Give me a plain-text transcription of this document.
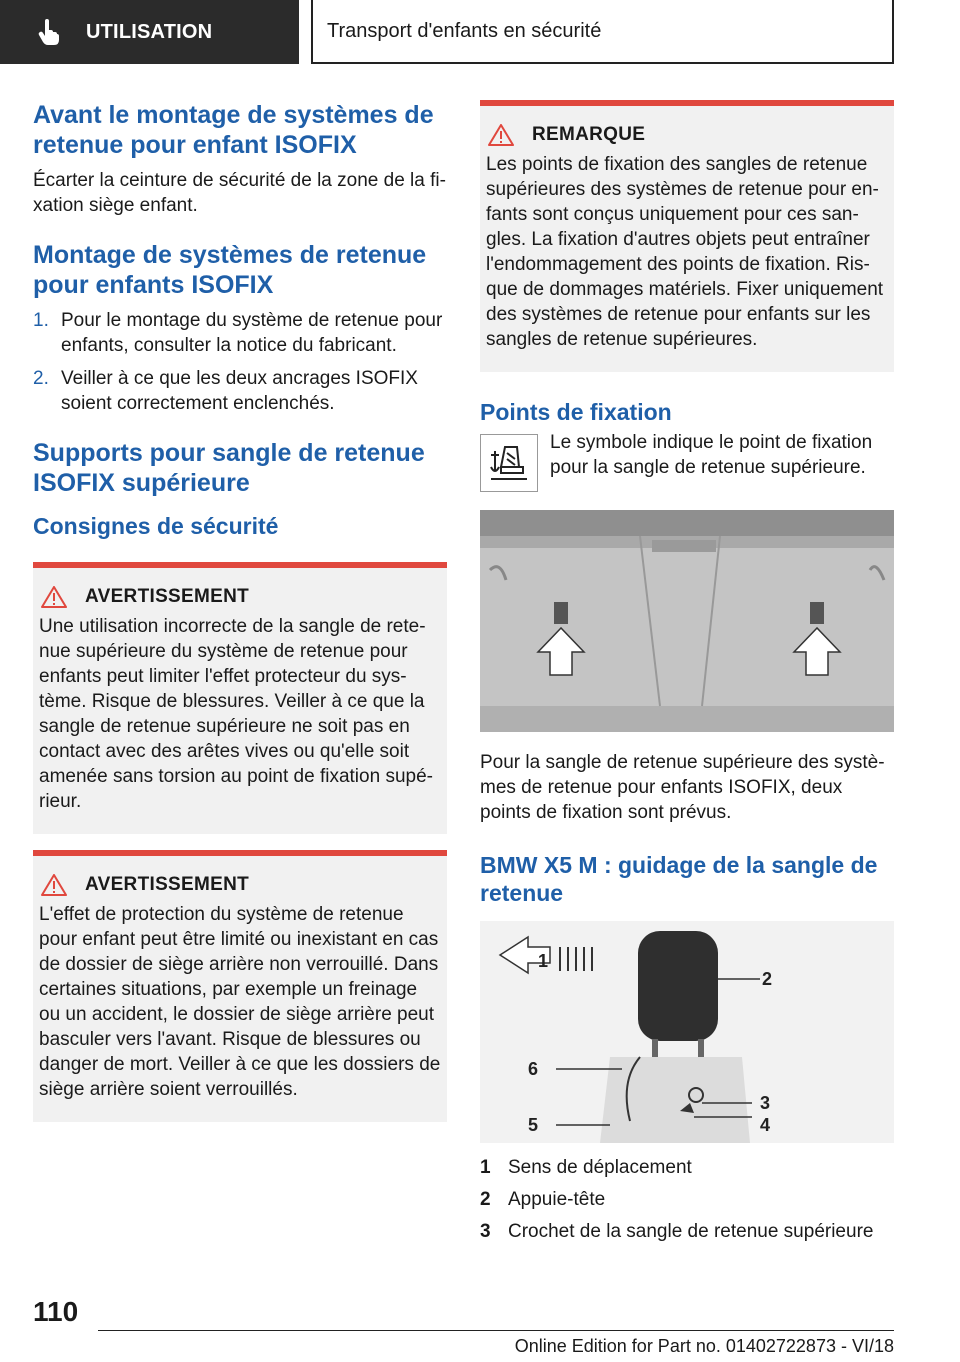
UTILISATION	Transport d'enfants en sécurité
Avant le montage de systèmes de retenue pour enfant ISOFIX

Écarter la ceinture de sécurité de la zone de la fi-xation siège enfant.

Montage de systèmes de retenue pour enfants ISOFIX
1. Pour le montage du système de retenue pour enfants, consulter la notice du fabricant.
2. Veiller à ce que les deux ancrages ISOFIX soient correctement enclenchés.
Supports pour sangle de retenue ISOFIX supérieure
Consignes de sécurité
AVERTISSEMENT

Une utilisation incorrecte de la sangle de rete-nue supérieure du système de retenue pour enfants peut limiter l'effet protecteur du sys-tème. Risque de blessures. Veiller à ce que la sangle de retenue supérieure ne soit pas en contact avec des arêtes vives ou qu'elle soit amenée sans torsion au point de fixation supé-rieur.

AVERTISSEMENT

L'effet de protection du système de retenue pour enfant peut être limité ou inexistant en cas de dossier de siège arrière non verrouillé. Dans certaines situations, par exemple un freinage ou un accident, le dossier de siège arrière peut basculer vers l'avant. Risque de blessures ou danger de mort. Veiller à ce que les dossiers de siège arrière soient verrouillés.

REMARQUE

Les points de fixation des sangles de retenue supérieures des systèmes de retenue pour en-fants sont conçus uniquement pour ces san-gles. La fixation d'autres objets peut entraîner l'endommagement des points de fixation. Ris-que de dommages matériels. Fixer uniquement des systèmes de retenue pour enfants sur les sangles de retenue supérieures.

Points de fixation

Le symbole indique le point de fixation pour la sangle de retenue supérieure.

Pour la sangle de retenue supérieure des systè-mes de retenue pour enfants ISOFIX, deux points de fixation sont prévus.

BMW X5 M : guidage de la sangle de retenue
1
2
3
4
5
6
1 Sens de déplacement
2 Appuie-tête
3 Crochet de la sangle de retenue supérieure
110
Online Edition for Part no. 01402722873 - VI/18
